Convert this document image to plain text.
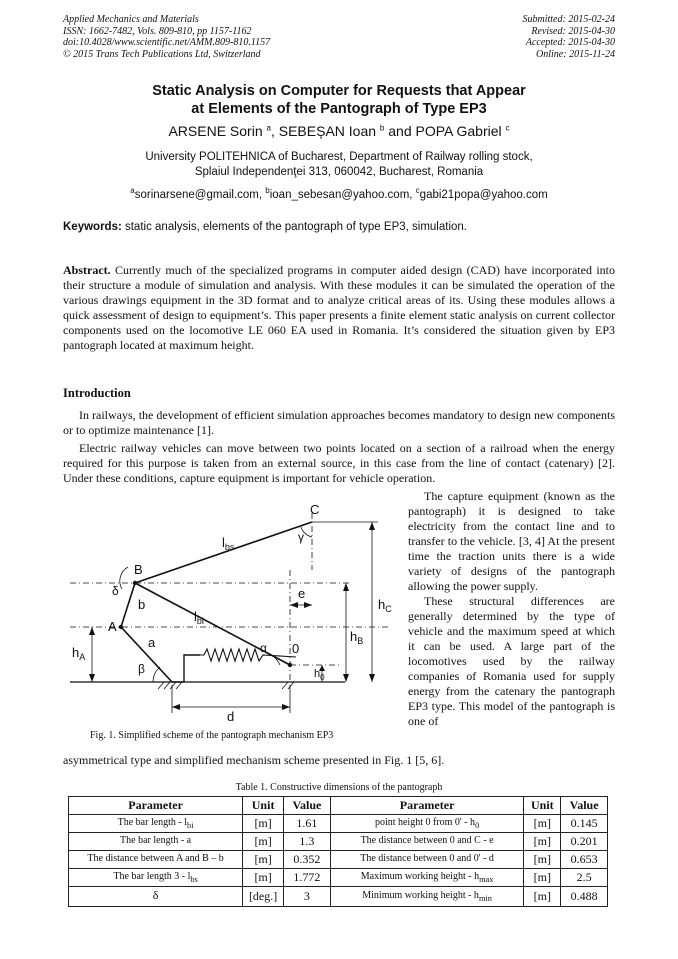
Applied Mechanics and Materials
ISSN: 1662-7482, Vols. 809-810, pp 1157-1162
doi:10.4028/www.scientific.net/AMM.809-810.1157
© 2015 Trans Tech Publications Ltd, Switzerland
Submitted: 2015-02-24
Revised: 2015-04-30
Accepted: 2015-04-30
Online: 2015-11-24
Static Analysis on Computer for Requests that Appear
at Elements of the Pantograph of Type EP3
ARSENE Sorin $^a$, SEBEȘAN Ioan $^b$ and POPA Gabriel $^c$
University POLITEHNICA of Bucharest, Department of Railway rolling stock,
Splaiul Independenţei 313, 060042, Bucharest, Romania
$^a$sorinarsene@gmail.com, $^b$ioan_sebesan@yahoo.com, $^c$gabi21popa@yahoo.com
Keywords: static analysis, elements of the pantograph of type EP3, simulation.
Abstract. Currently much of the specialized programs in computer aided design (CAD) have incorporated into their structure a module of simulation and analysis. With these modules it can be simulated the operation of the various drawings equipment in the 3D format and to analyze critical areas of its. Using these modules allows a quick assessment of design to equipment’s. This paper presents a finite element static analysis on current collector components used on the locomotive LE 060 EA used in Romania. It’s considered the situation given by EP3 pantograph located at maximum height.
Introduction
In railways, the development of efficient simulation approaches becomes mandatory to design new components or to optimize maintenance [1].
Electric railway vehicles can move between two points located on a section of a railroad when the energy required for this purpose is taken from an external source, in this case from the line of contact (catenary) [2]. Under these conditions, capture equipment is important for vehicle operation.

The capture equipment (known as the pantograph) it is designed to take electricity from the contact line and to transfer to the vehicle. [3, 4] At the present time the traction units there is a wide variety of designs of the pantograph allowing the power supply.

These structural differences are generally determined by the type of vehicle and the maximum speed at which it can be used. A large part of the locomotives used by the railway companies of Romania used for supply energy from the catenary the pantograph EP3 type. This model of the pantograph is one of

asymmetrical type and simplified mechanism scheme presented in Fig. 1 [5, 6].
C
B
A
0
$l_{bs}$
$l_{bi}$
a
b
δ
β
α
γ
e
d
$h_A$
$h_B$
$h_C$
$h_0$
Fig. 1. Simplified scheme of the pantograph mechanism EP3
Table 1. Constructive dimensions of the pantograph
Parameter	Unit	Value	Parameter	Unit	Value
The bar length - $l_{bi}$	[m]	1.61	point height 0 from $0' - h_0$	[m]	0.145
The bar length - a	[m]	1.3	The distance between 0 and C - e	[m]	0.201
The distance between A and B – b	[m]	0.352	The distance between 0 and 0' - d	[m]	0.653
The bar length $3 - l_{bs}$	[m]	1.772	Maximum working height - $h_{max}$	[m]	2.5
δ	[deg.]	3	Minimum working height - $h_{min}$	[m]	0.488
